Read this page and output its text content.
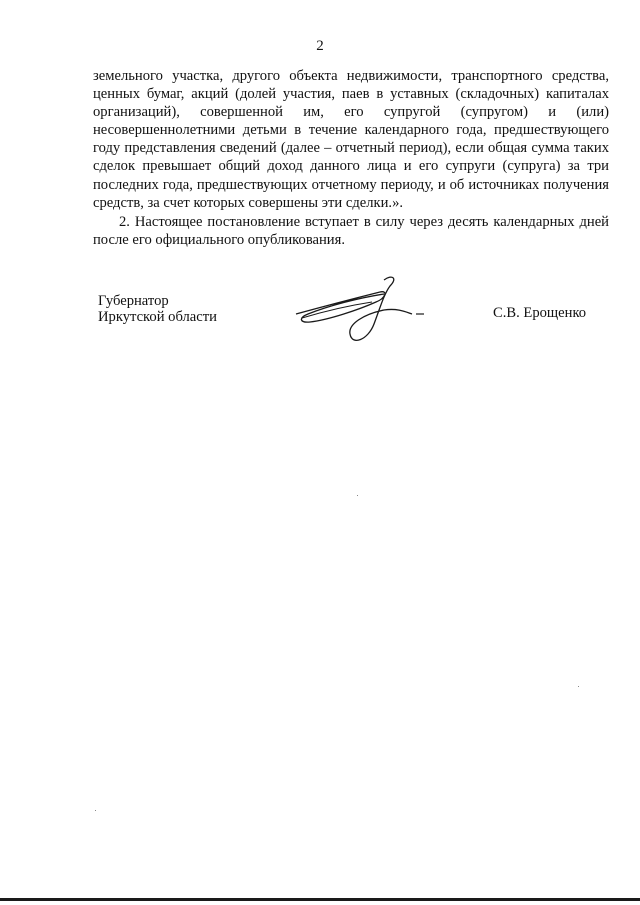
2

земельного участка, другого объекта недвижимости, транспортного средства, ценных бумаг, акций (долей участия, паев в уставных (складочных) капиталах организаций), совершенной им, его супругой (супругом) и (или) несовершеннолетними детьми в течение календарного года, предшествующего году представления сведений (далее – отчетный период), если общая сумма таких сделок превышает общий доход данного лица и его супруги (супруга) за три последних года, предшествующих отчетному периоду, и об источниках получения средств, за счет которых совершены эти сделки.».

2. Настоящее постановление вступает в силу через десять календарных дней после его официального опубликования.

Губернатор
Иркутской области	С.В. Ерощенко
